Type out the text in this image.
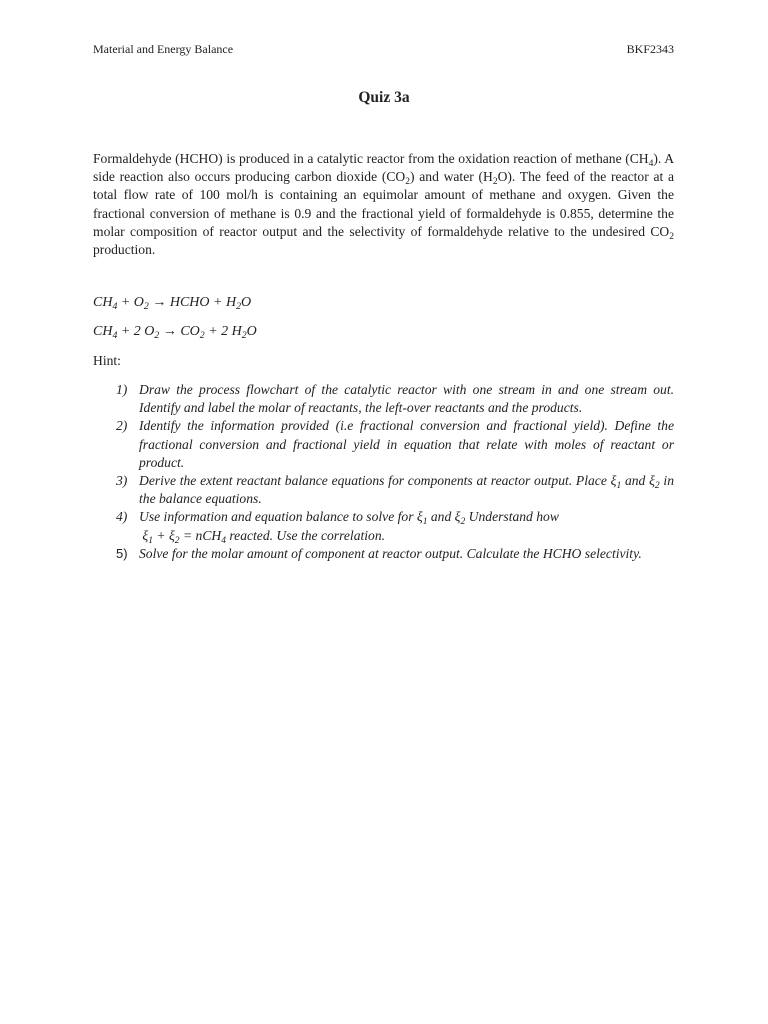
Material and Energy Balance	BKF2343
Quiz 3a

Formaldehyde (HCHO) is produced in a catalytic reactor from the oxidation reaction of methane $(CH_4)$. A side reaction also occurs producing carbon dioxide $(CO_2)$ and water $(H_2O)$. The feed of the reactor at a total flow rate of 100 mol/h is containing an equimolar amount of methane and oxygen. Given the fractional conversion of methane is 0.9 and the fractional yield of formaldehyde is 0.855, determine the molar composition of reactor output and the selectivity of formaldehyde relative to the undesired $CO_2$ production.

$CH_4 + O_2$ → HCHO + $H_2O$
$CH_4 + 2$ $O_2 \to CO_2 + 2$ $H_2O$
Hint:
1) Draw the process flowchart of the catalytic reactor with one stream in and one stream out. Identify and label the molar of reactants, the left-over reactants and the products.
2) Identify the information provided (i.e fractional conversion and fractional yield). Define the fractional conversion and fractional yield in equation that relate with moles of reactant or product.
3) Derive the extent reactant balance equations for components at reactor output. Place $\xi_1$ and $\xi_2$ in the balance equations.
4) Use information and equation balance to solve for $\xi_1$ and $\xi_2$ Understand how
$\xi_1 + \xi_2 = nCH_4$ reacted. Use the correlation.
5) Solve for the molar amount of component at reactor output. Calculate the HCHO selectivity.
